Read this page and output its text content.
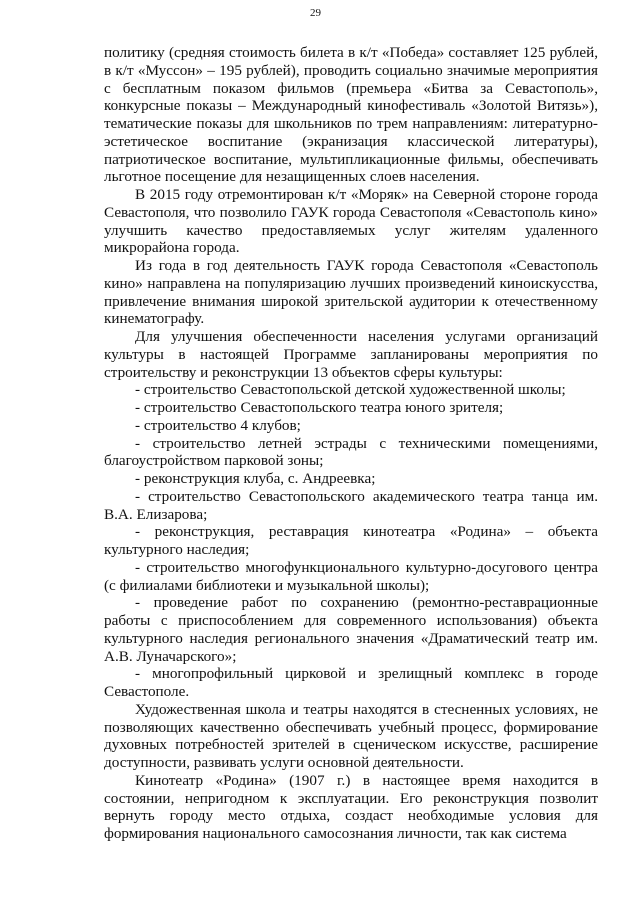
29

политику (средняя стоимость билета в к/т «Победа» составляет 125 рублей, в к/т «Муссон» – 195 рублей), проводить социально значимые мероприятия с бесплатным показом фильмов (премьера «Битва за Севастополь», конкурсные показы – Международный кинофестиваль «Золотой Витязь»), тематические показы для школьников по трем направлениям: литературно-эстетическое воспитание (экранизация классической литературы), патриотическое воспитание, мультипликационные фильмы, обеспечивать льготное посещение для незащищенных слоев населения.

В 2015 году отремонтирован к/т «Моряк» на Северной стороне города Севастополя, что позволило ГАУК города Севастополя «Севастополь кино» улучшить качество предоставляемых услуг жителям удаленного микрорайона города.

Из года в год деятельность ГАУК города Севастополя «Севастополь кино» направлена на популяризацию лучших произведений киноискусства, привлечение внимания широкой зрительской аудитории к отечественному кинематографу.

Для улучшения обеспеченности населения услугами организаций культуры в настоящей Программе запланированы мероприятия по строительству и реконструкции 13 объектов сферы культуры:

- строительство Севастопольской детской художественной школы;
- строительство Севастопольского театра юного зрителя;
- строительство 4 клубов;
- строительство летней эстрады с техническими помещениями, благоустройством парковой зоны;
- реконструкция клуба, с. Андреевка;
- строительство Севастопольского академического театра танца им. В.А. Елизарова;
- реконструкция, реставрация кинотеатра «Родина» – объекта культурного наследия;
- строительство многофункционального культурно-досугового центра (с филиалами библиотеки и музыкальной школы);
- проведение работ по сохранению (ремонтно-реставрационные работы с приспособлением для современного использования) объекта культурного наследия регионального значения «Драматический театр им. А.В. Луначарского»;
- многопрофильный цирковой и зрелищный комплекс в городе Севастополе.

Художественная школа и театры находятся в стесненных условиях, не позволяющих качественно обеспечивать учебный процесс, формирование духовных потребностей зрителей в сценическом искусстве, расширение доступности, развивать услуги основной деятельности.

Кинотеатр «Родина» (1907 г.) в настоящее время находится в состоянии, непригодном к эксплуатации. Его реконструкция позволит вернуть городу место отдыха, создаст необходимые условия для формирования национального самосознания личности, так как система
